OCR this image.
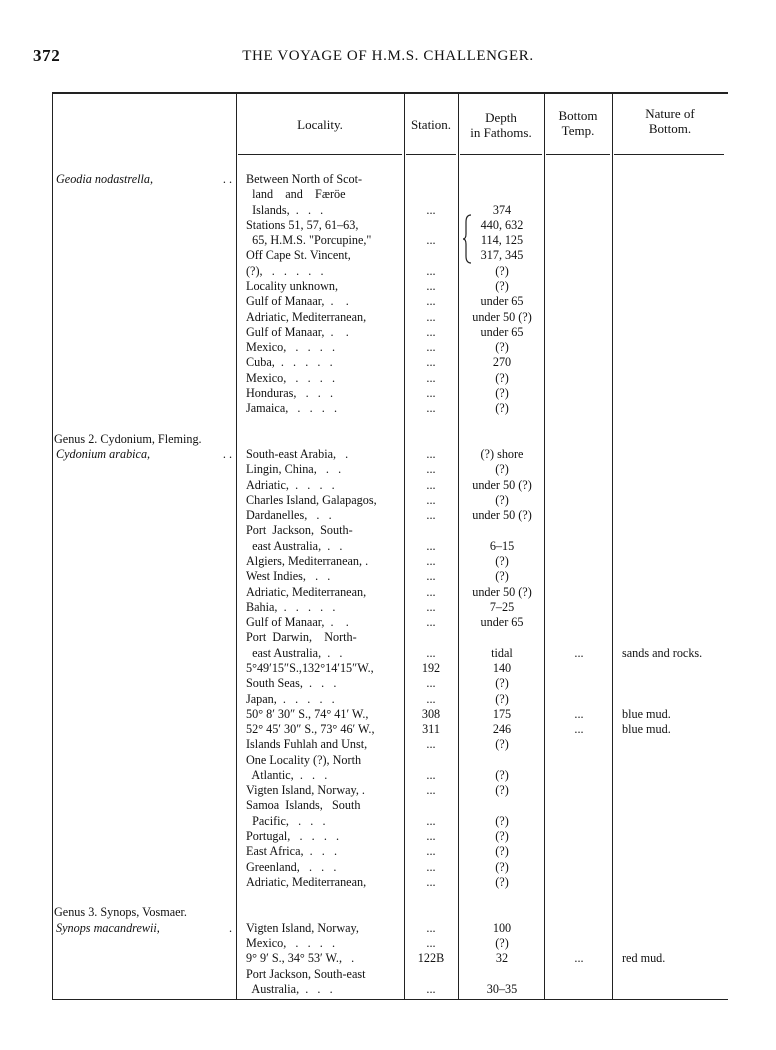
372	THE VOYAGE OF H.M.S. CHALLENGER.
Locality.	Station.	Depth
in Fathoms.
Bottom
Temp.
Nature of
Bottom.
Geodia nodastrella,	. . Between North of Scot-
land    and    Færöe
Islands,  .   .   .	...	374
Stations 51, 57, 61–63,	440, 632
65, H.M.S. "Porcupine,"	...	114, 125
Off Cape St. Vincent,	317, 345
(?),   .   .   .   .   .	...	(?)
Locality unknown,	...	(?)
Gulf of Manaar,  .    .	...	under 65
Adriatic, Mediterranean,	...	under 50 (?)
Gulf of Manaar,  .    .	...	under 65
Mexico,   .   .   .   .	...	(?)
Cuba,  .   .   .   .   .	...	270
Mexico,   .   .   .   .	...	(?)
Honduras,   .   .   .	...	(?)
Jamaica,   .   .   .   .	...	(?)
Genus 2. Cydonium, Fleming.
Cydonium arabica,	. . South-east Arabia,   .	...	(?) shore
Lingin, China,   .   .	...	(?)
Adriatic,  .   .   .   .	...	under 50 (?)
Charles Island, Galapagos,	...	(?)
Dardanelles,   .   .	...	under 50 (?)
Port  Jackson,  South-
east Australia,  .   .	...	6–15
Algiers, Mediterranean, .	...	(?)
West Indies,   .   .	...	(?)
Adriatic, Mediterranean,	...	under 50 (?)
Bahia,  .   .   .   .   .	...	7–25
Gulf of Manaar,  .    .	...	under 65
Port  Darwin,    North-
east Australia,  .   .	...	tidal	...	sands and rocks.
5°49′15″S.,132°14′15″W.,	192	140
South Seas,  .   .   .	...	(?)
Japan,  .   .   .   .   .	...	(?)
50° 8′ 30″ S., 74° 41′ W.,	308	175	...	blue mud.
52° 45′ 30″ S., 73° 46′ W.,	311	246	...	blue mud.
Islands Fuhlah and Unst,	...	(?)
One Locality (?), North
Atlantic,  .   .   .	...	(?)
Vigten Island, Norway, .	...	(?)
Samoa  Islands,   South
Pacific,   .   .   .	...	(?)
Portugal,   .   .   .   .	...	(?)
East Africa,  .   .   .	...	(?)
Greenland,   .   .   .	...	(?)
Adriatic, Mediterranean,	...	(?)
Genus 3. Synops, Vosmaer.
Synops macandrewii,	. Vigten Island, Norway,	...	100
Mexico,   .   .   .   .	...	(?)
9° 9′ S., 34° 53′ W.,   .	122B	32	...	red mud.
Port Jackson, South-east
Australia,  .   .   .	...	30–35
